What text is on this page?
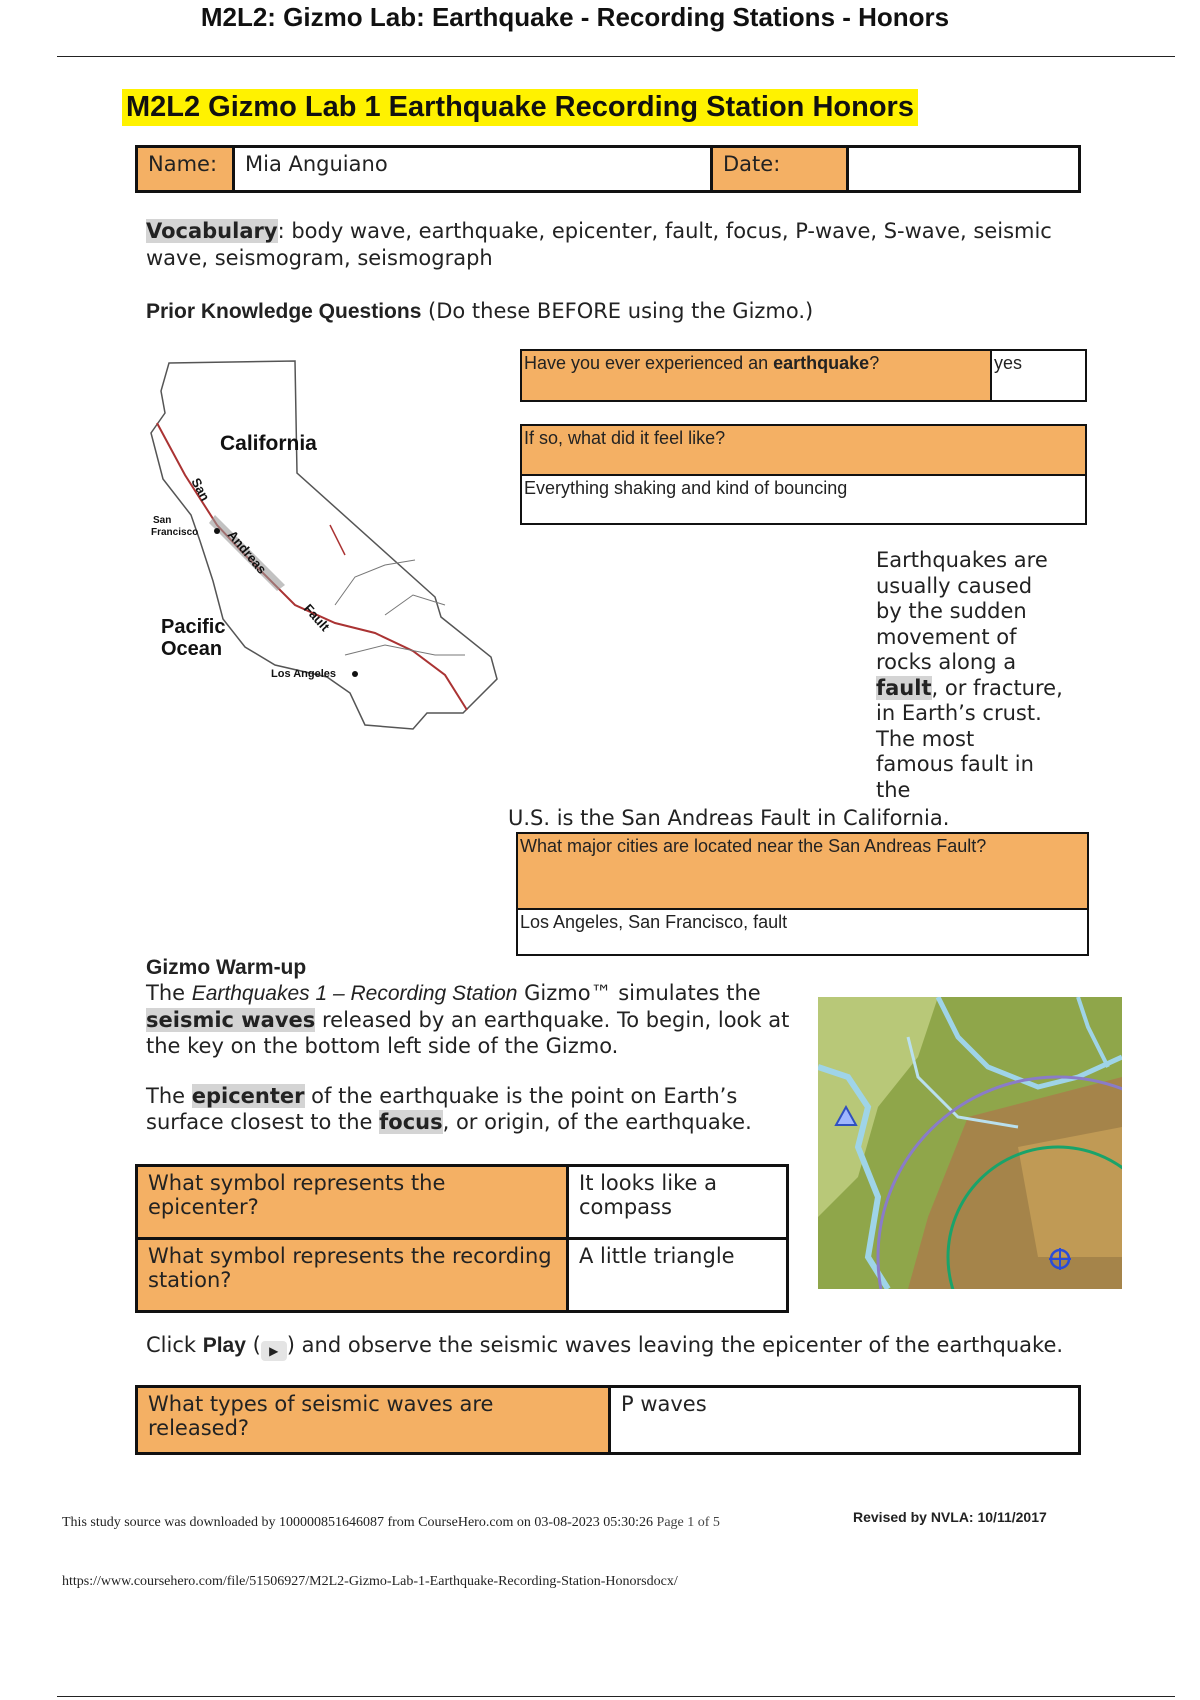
M2L2: Gizmo Lab: Earthquake - Recording Stations - Honors
M2L2 Gizmo Lab 1 Earthquake Recording Station Honors
Name:	Mia Anguiano	Date:	
Vocabulary: body wave, earthquake, epicenter, fault, focus, P-wave, S-wave, seismic wave, seismogram, seismograph
Prior Knowledge Questions (Do these BEFORE using the Gizmo.)
California
Pacific
Ocean
San
Francisco
Los Angeles
San
Andreas
Fault
Have you ever experienced an earthquake?	yes
If so, what did it feel like?
Everything shaking and kind of bouncing
Earthquakes are
usually caused
by the sudden
movement of
rocks along a
fault, or fracture,
in Earth’s crust.
The most
famous fault in
the
U.S. is the San Andreas Fault in California.
What major cities are located near the San Andreas Fault?
Los Angeles, San Francisco, fault
Gizmo Warm-up
The Earthquakes 1 – Recording Station Gizmo™ simulates the
seismic waves released by an earthquake. To begin, look at
the key on the bottom left side of the Gizmo.
The epicenter of the earthquake is the point on Earth’s
surface closest to the focus, or origin, of the earthquake.
What symbol represents the epicenter?	It looks like a compass
What symbol represents the recording station?	A little triangle
Click Play ( ▶ ) and observe the seismic waves leaving the epicenter of the earthquake.
What types of seismic waves are released?	P waves
This study source was downloaded by 100000851646087 from CourseHero.com on 03-08-2023 05:30:26 Page 1 of 5	Revised by NVLA: 10/11/2017
https://www.coursehero.com/file/51506927/M2L2-Gizmo-Lab-1-Earthquake-Recording-Station-Honorsdocx/
